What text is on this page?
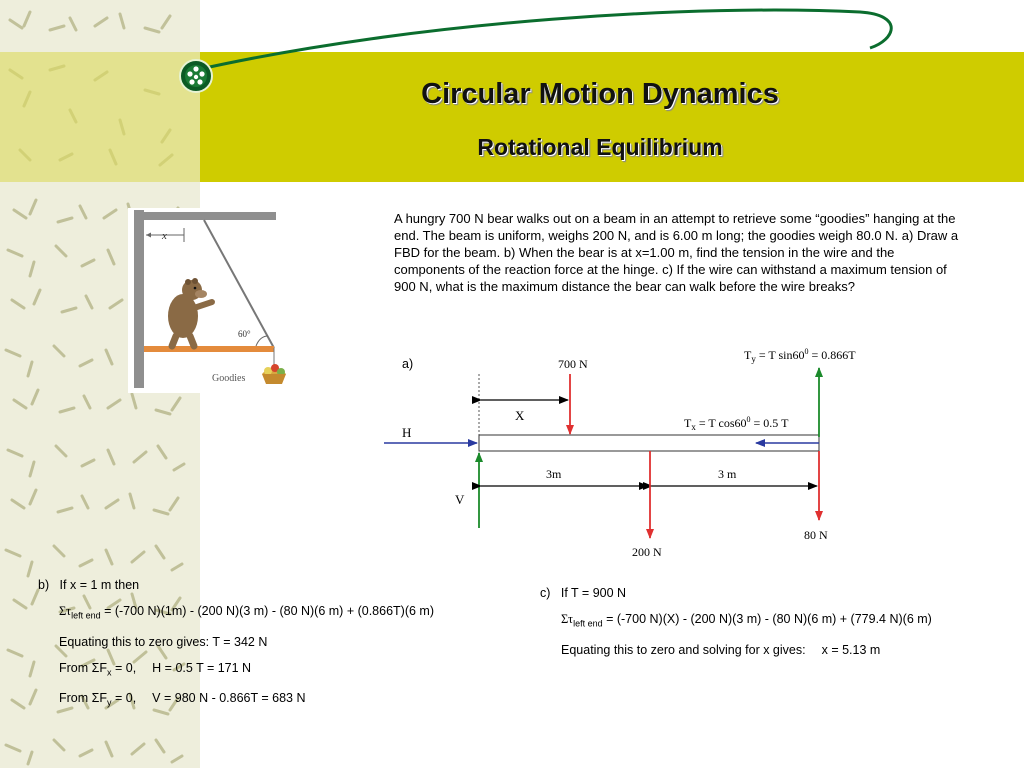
Circular Motion Dynamics
Rotational Equilibrium
x
60°
Goodies
A hungry 700 N bear walks out on a beam in an attempt to retrieve some “goodies” hanging at the end. The beam is uniform, weighs 200 N, and is 6.00 m long; the goodies weigh 80.0 N. a) Draw a FBD for the beam. b) When the bear is at x=1.00 m, find the tension in the wire and the components of the reaction force at the hinge. c) If the wire can withstand a maximum tension of 900 N, what is the maximum distance the bear can walk before the wire breaks?
a)	700 N
X
H
V
$T_y = T$ $\sin 60^0 = 0.866T$
$T_x = T$ $\cos 60^0 = 0.5$ T
3m	3 m
200 N
80 N
b) If x = 1 m then
$\Sigma\tau_{left end} = (-700$ N)(1m) - (200 N)(3 m) - (80 N)(6 m) + (0.866T)(6 m)
Equating this to zero gives: T = 342 N
From $\Sigma F_x = 0$, H = 0.5 T = 171 N
From $\Sigma F_y = 0$, V = 980 N - 0.866T = 683 N
c) If T = 900 N
$\Sigma\tau_{left end} = (-700$ N)(X) - (200 N)(3 m) - (80 N)(6 m) + (779.4 N)(6 m)
Equating this to zero and solving for x gives: x = 5.13 m
